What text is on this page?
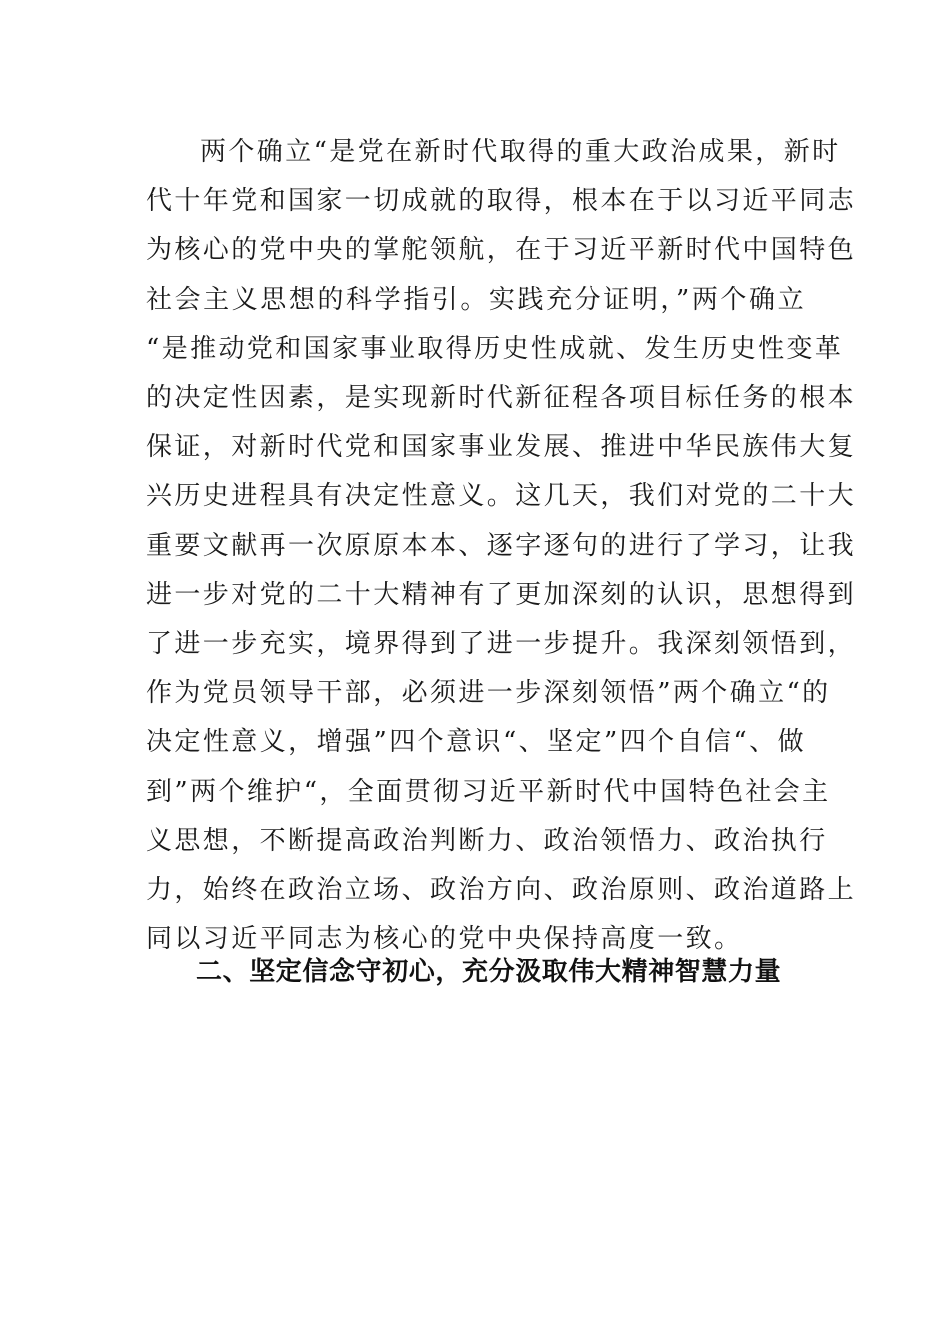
两个确立“是党在新时代取得的重大政治成果，新时
代十年党和国家一切成就的取得，根本在于以习近平同志
为核心的党中央的掌舵领航，在于习近平新时代中国特色
社会主义思想的科学指引。实践充分证明，”两个确立
“是推动党和国家事业取得历史性成就、发生历史性变革
的决定性因素，是实现新时代新征程各项目标任务的根本
保证，对新时代党和国家事业发展、推进中华民族伟大复
兴历史进程具有决定性意义。这几天，我们对党的二十大
重要文献再一次原原本本、逐字逐句的进行了学习，让我
进一步对党的二十大精神有了更加深刻的认识，思想得到
了进一步充实，境界得到了进一步提升。我深刻领悟到，
作为党员领导干部，必须进一步深刻领悟”两个确立“的
决定性意义，增强”四个意识“、坚定”四个自信“、做
到”两个维护“，全面贯彻习近平新时代中国特色社会主
义思想，不断提高政治判断力、政治领悟力、政治执行
力，始终在政治立场、政治方向、政治原则、政治道路上
同以习近平同志为核心的党中央保持高度一致。
二、坚定信念守初心，充分汲取伟大精神智慧力量
